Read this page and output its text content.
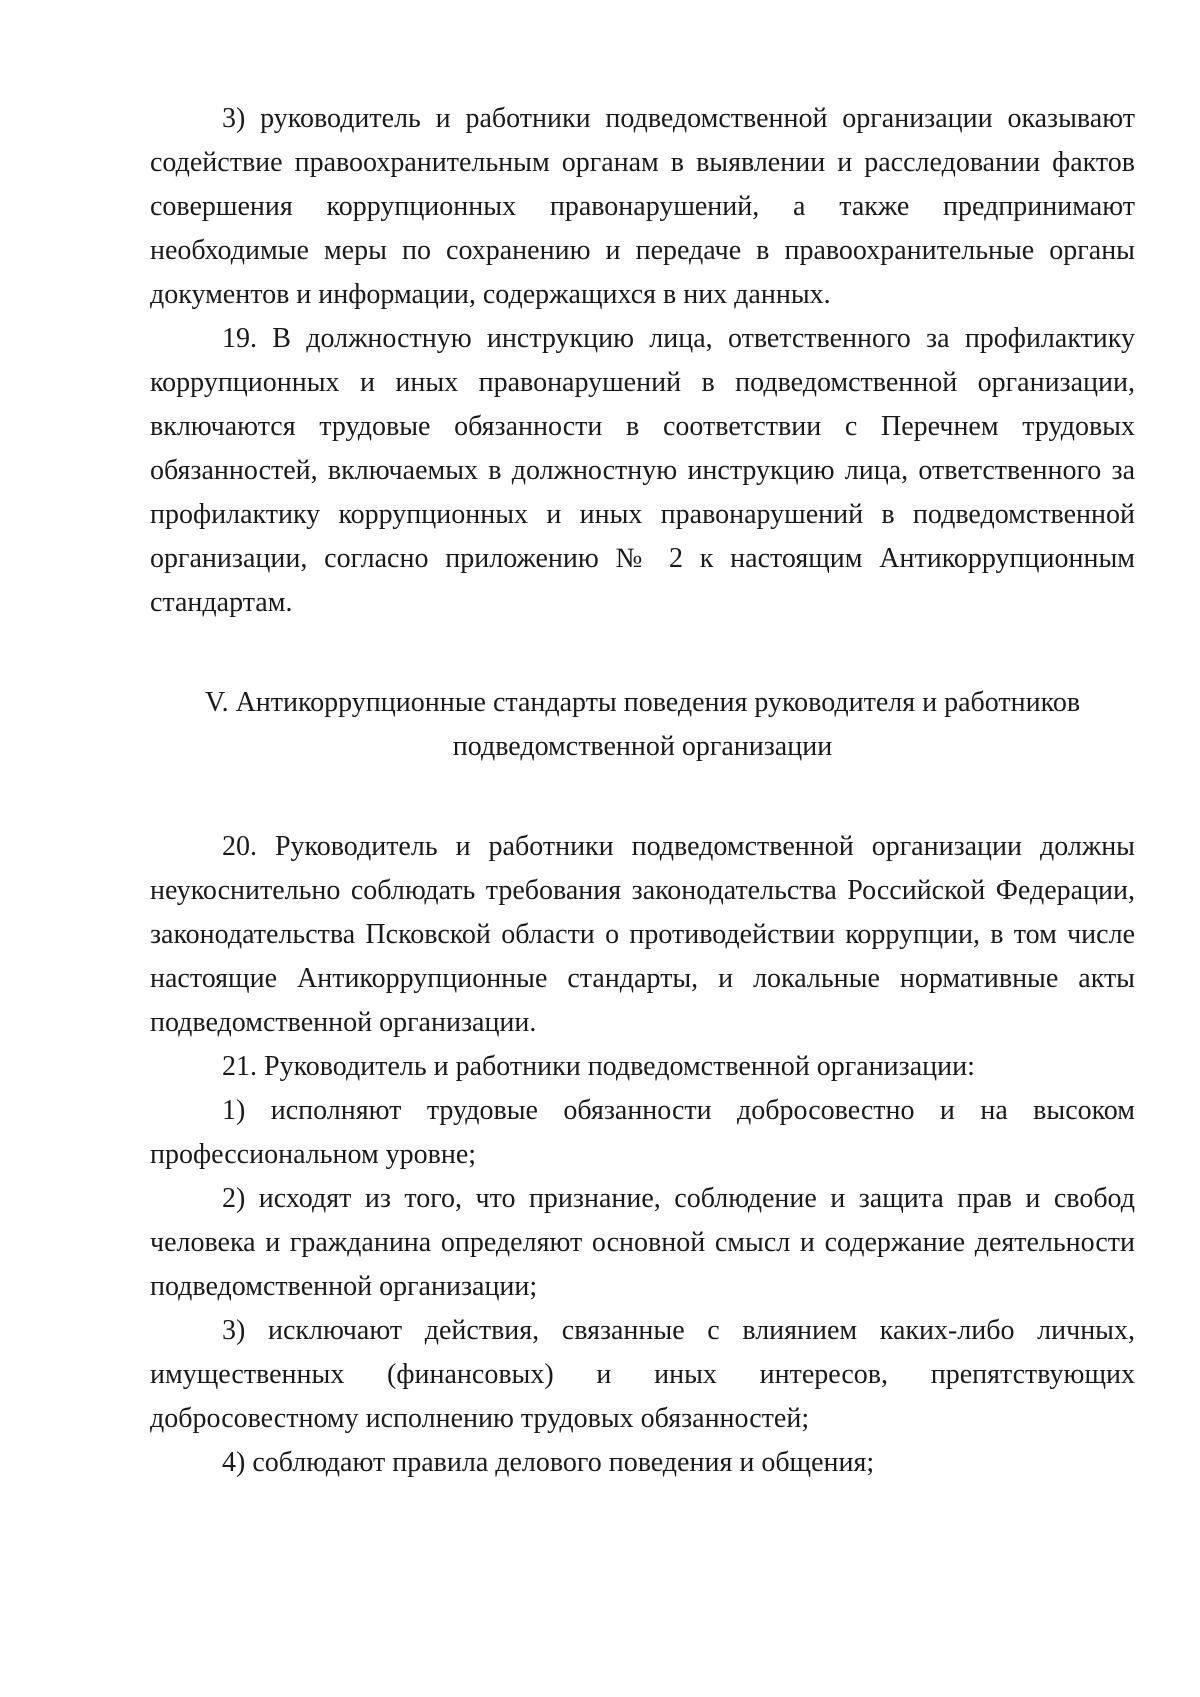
3) руководитель и работники подведомственной организации оказывают содействие правоохранительным органам в выявлении и расследовании фактов совершения коррупционных правонарушений, а также предпринимают необходимые меры по сохранению и передаче в правоохранительные органы документов и информации, содержащихся в них данных.

19. В должностную инструкцию лица, ответственного за профилактику коррупционных и иных правонарушений в подведомственной организации, включаются трудовые обязанности в соответствии с Перечнем трудовых обязанностей, включаемых в должностную инструкцию лица, ответственного за профилактику коррупционных и иных правонарушений в подведомственной организации, согласно приложению № 2 к настоящим Антикоррупционным стандартам.

V. Антикоррупционные стандарты поведения руководителя и работников
подведомственной организации

20. Руководитель и работники подведомственной организации должны неукоснительно соблюдать требования законодательства Российской Федерации, законодательства Псковской области о противодействии коррупции, в том числе настоящие Антикоррупционные стандарты, и локальные нормативные акты подведомственной организации.

21. Руководитель и работники подведомственной организации:

1) исполняют трудовые обязанности добросовестно и на высоком профессиональном уровне;

2) исходят из того, что признание, соблюдение и защита прав и свобод человека и гражданина определяют основной смысл и содержание деятельности подведомственной организации;

3) исключают действия, связанные с влиянием каких-либо личных, имущественных (финансовых) и иных интересов, препятствующих добросовестному исполнению трудовых обязанностей;

4) соблюдают правила делового поведения и общения;
